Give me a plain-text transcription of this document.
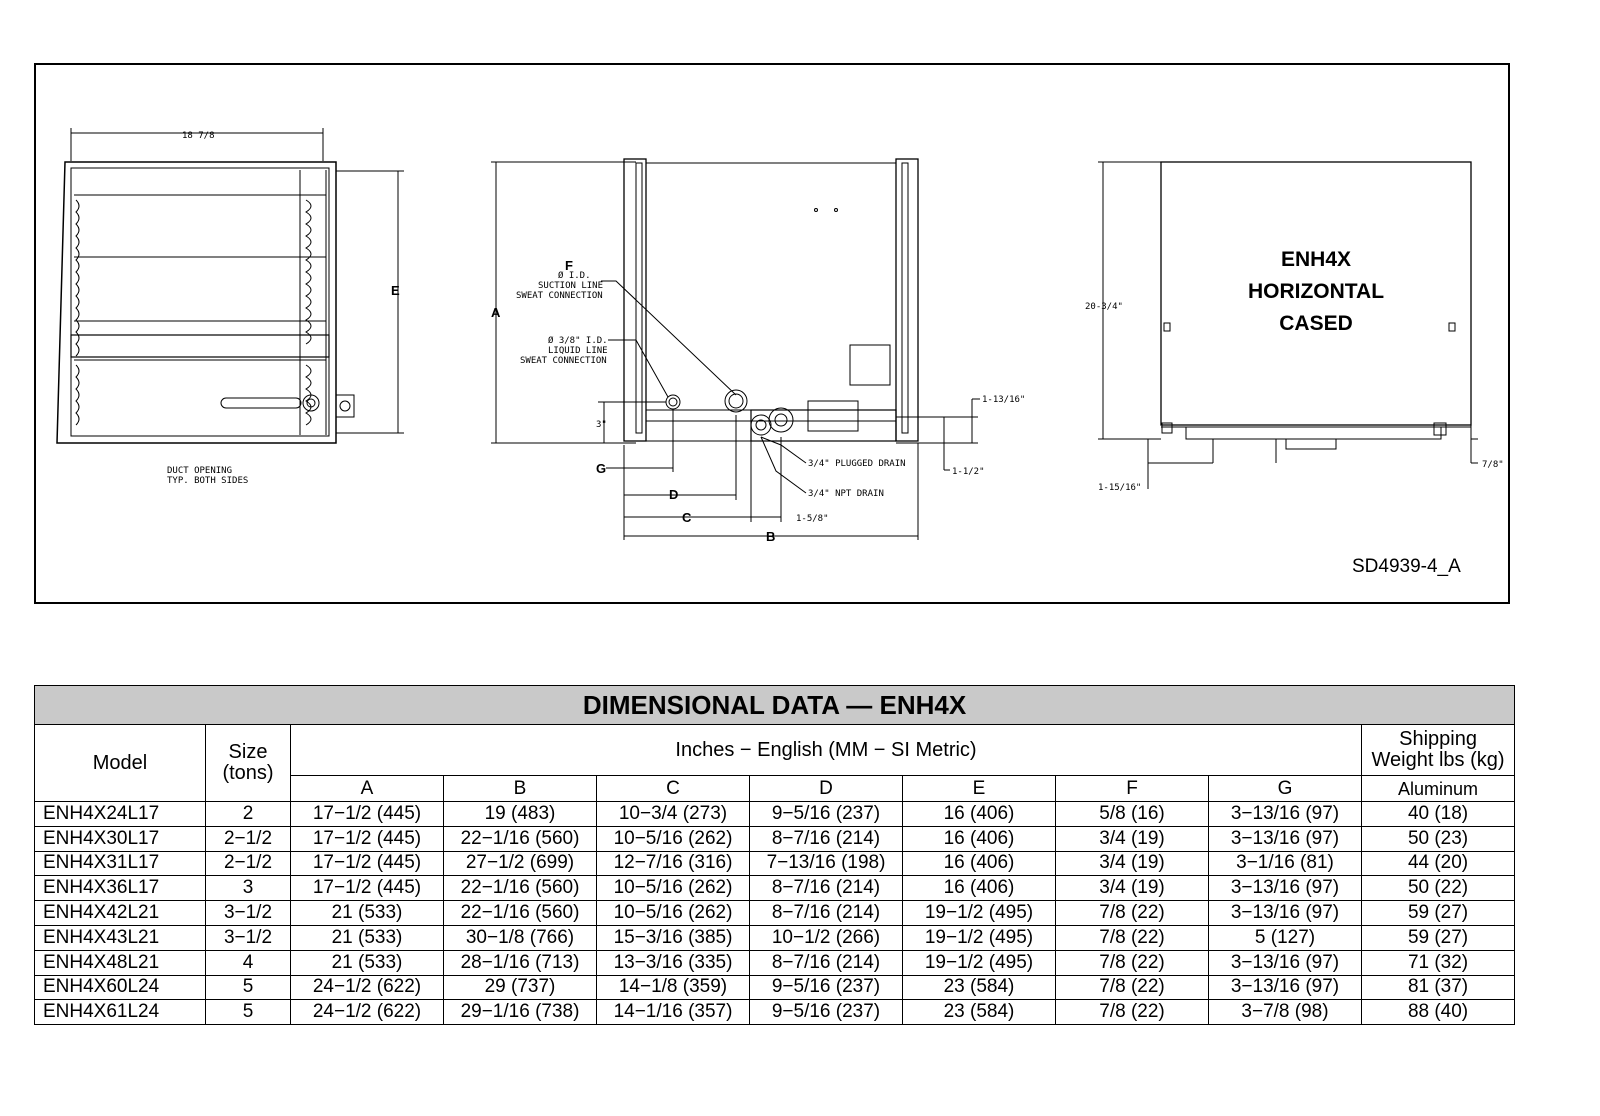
18 7/8
E
DUCT OPENING
TYP. BOTH SIDES
A
F
Ø I.D.
SUCTION LINE
SWEAT CONNECTION
Ø 3/8" I.D.
LIQUID LINE
SWEAT CONNECTION
3"
G
D
C
B
1-5/8"
1-13/16"
1-1/2"
3/4" PLUGGED DRAIN
3/4" NPT DRAIN
20-3/4"
1-15/16"
7/8"
ENH4X
HORIZONTAL
CASED
SD4939-4_A
DIMENSIONAL DATA — ENH4X									
Model	Size
(tons)	Inches − English (MM − SI Metric)							Shipping
Weight lbs (kg)
		A	B	C	D	E	F	G	Aluminum
ENH4X24L17	2	17−1/2 (445)	19 (483)	10−3/4 (273)	9−5/16 (237)	16 (406)	5/8 (16)	3−13/16 (97)	40 (18)
ENH4X30L17	2−1/2	17−1/2 (445)	22−1/16 (560)	10−5/16 (262)	8−7/16 (214)	16 (406)	3/4 (19)	3−13/16 (97)	50 (23)
ENH4X31L17	2−1/2	17−1/2 (445)	27−1/2 (699)	12−7/16 (316)	7−13/16 (198)	16 (406)	3/4 (19)	3−1/16 (81)	44 (20)
ENH4X36L17	3	17−1/2 (445)	22−1/16 (560)	10−5/16 (262)	8−7/16 (214)	16 (406)	3/4 (19)	3−13/16 (97)	50 (22)
ENH4X42L21	3−1/2	21 (533)	22−1/16 (560)	10−5/16 (262)	8−7/16 (214)	19−1/2 (495)	7/8 (22)	3−13/16 (97)	59 (27)
ENH4X43L21	3−1/2	21 (533)	30−1/8 (766)	15−3/16 (385)	10−1/2 (266)	19−1/2 (495)	7/8 (22)	5 (127)	59 (27)
ENH4X48L21	4	21 (533)	28−1/16 (713)	13−3/16 (335)	8−7/16 (214)	19−1/2 (495)	7/8 (22)	3−13/16 (97)	71 (32)
ENH4X60L24	5	24−1/2 (622)	29 (737)	14−1/8 (359)	9−5/16 (237)	23 (584)	7/8 (22)	3−13/16 (97)	81 (37)
ENH4X61L24	5	24−1/2 (622)	29−1/16 (738)	14−1/16 (357)	9−5/16 (237)	23 (584)	7/8 (22)	3−7/8 (98)	88 (40)
